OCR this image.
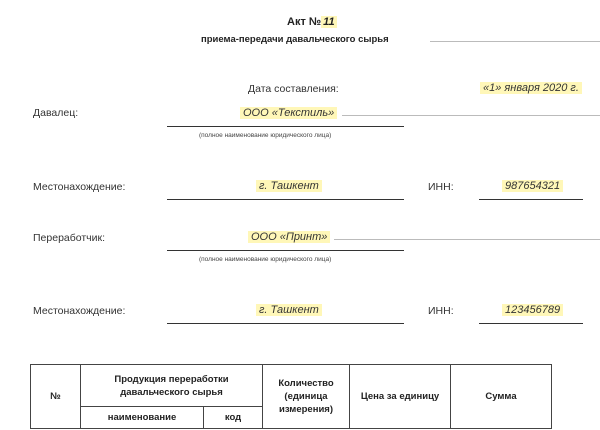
Акт № 11
приема-передачи давальческого сырья
Дата составления:	«1» января 2020 г.
Давалец:	ООО «Текстиль»
(полное наименование юридического лица)
Местонахождение:	г. Ташкент	ИНН:	987654321
Переработчик:	ООО «Принт»
(полное наименование юридического лица)
Местонахождение:	г. Ташкент	ИНН:	123456789
№	Продукция переработки давальческого сырья		Количество (единица измерения)	Цена за единицу	Сумма
	наименование	код			
